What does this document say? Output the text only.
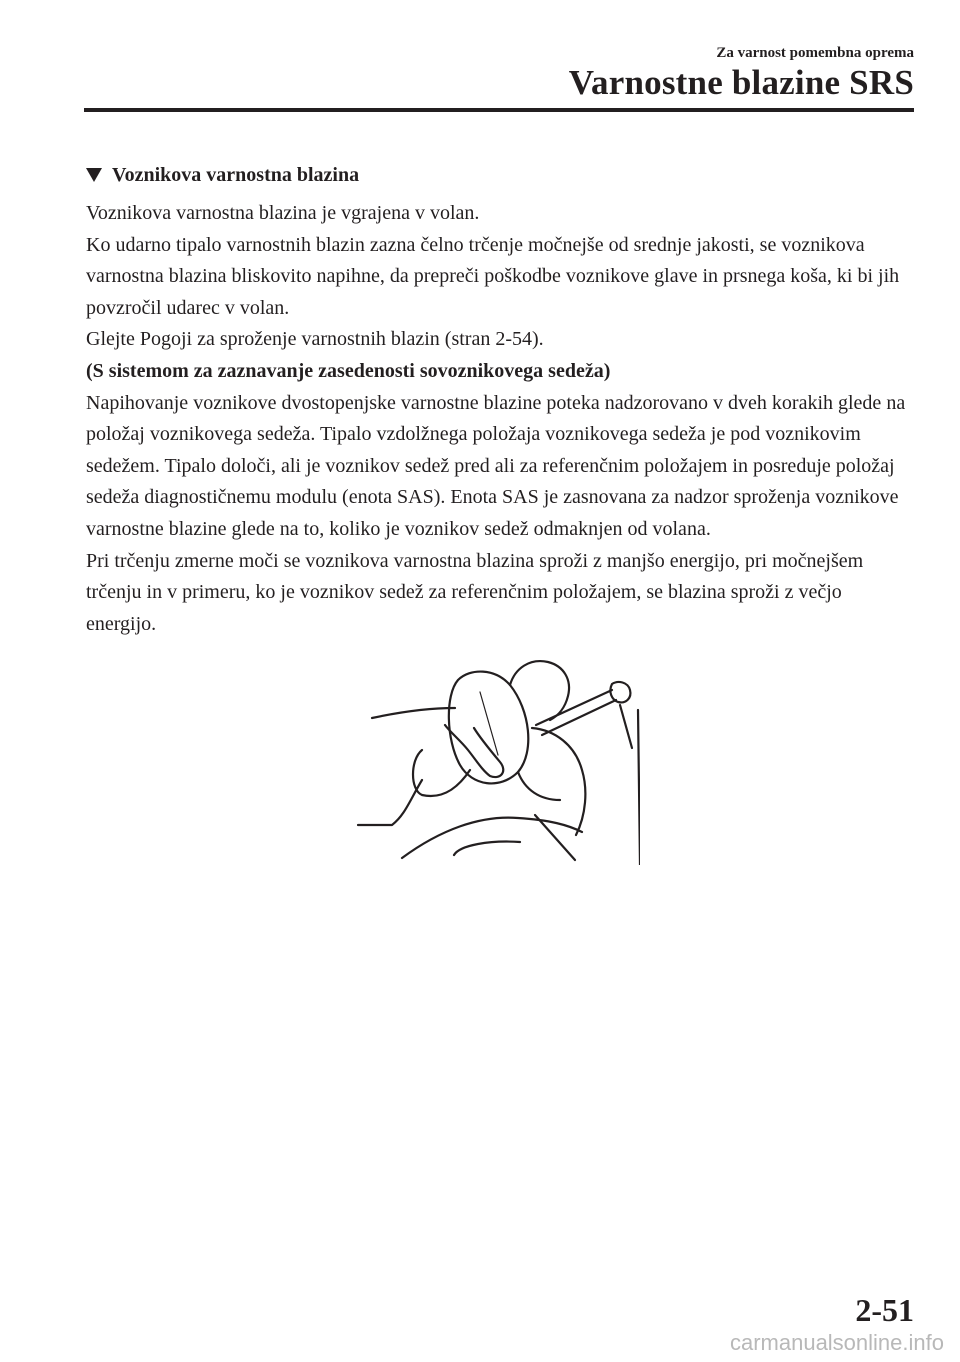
Za varnost pomembna oprema
Varnostne blazine SRS
Voznikova varnostna blazina

Voznikova varnostna blazina je vgrajena v volan.

Ko udarno tipalo varnostnih blazin zazna čelno trčenje močnejše od srednje jakosti, se voznikova varnostna blazina bliskovito napihne, da prepreči poškodbe voznikove glave in prsnega koša, ki bi jih povzročil udarec v volan.

Glejte Pogoji za sproženje varnostnih blazin (stran 2-54).

(S sistemom za zaznavanje zasedenosti sovoznikovega sedeža)

Napihovanje voznikove dvostopenjske varnostne blazine poteka nadzorovano v dveh korakih glede na položaj voznikovega sedeža. Tipalo vzdolžnega položaja voznikovega sedeža je pod voznikovim sedežem. Tipalo določi, ali je voznikov sedež pred ali za referenčnim položajem in posreduje položaj sedeža diagnostičnemu modulu (enota SAS). Enota SAS je zasnovana za nadzor sproženja voznikove varnostne blazine glede na to, koliko je voznikov sedež odmaknjen od volana.

Pri trčenju zmerne moči se voznikova varnostna blazina sproži z manjšo energijo, pri močnejšem trčenju in v primeru, ko je voznikov sedež za referenčnim položajem, se blazina sproži z večjo energijo.

2-51
carmanualsonline.info
